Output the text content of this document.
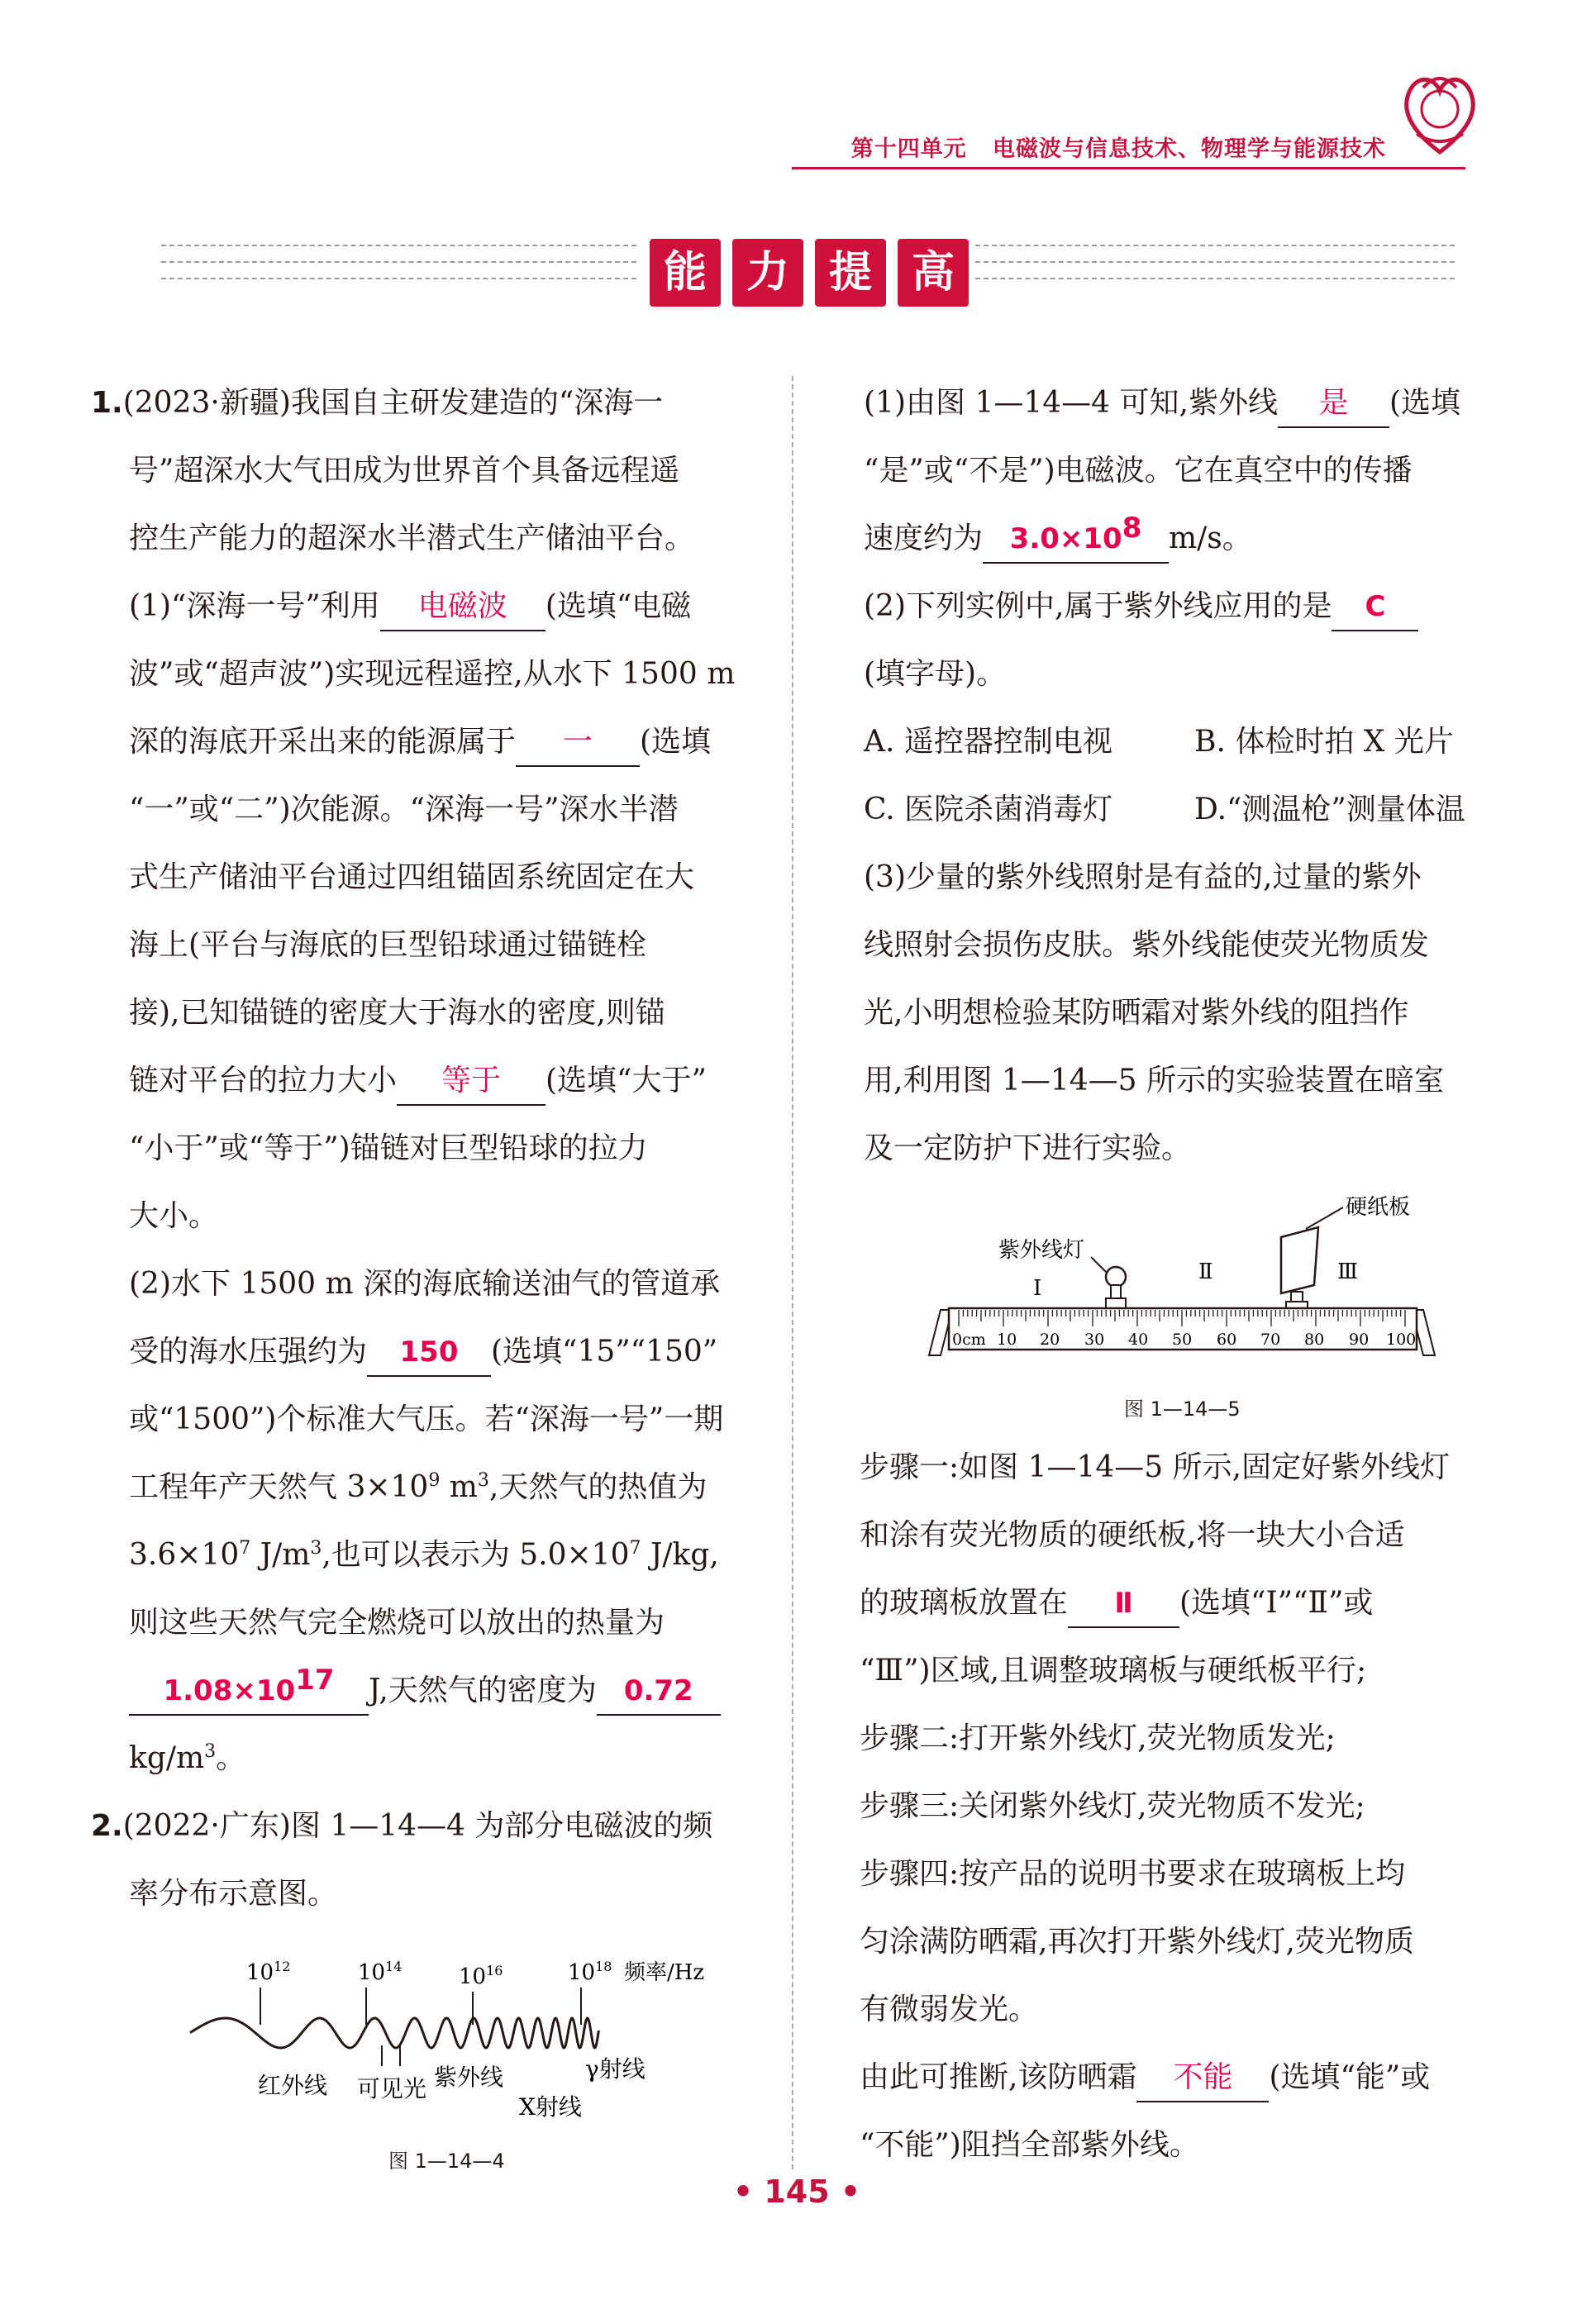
第十四单元 电磁波与信息技术、物理学与能源技术
能 力 提 高

1.(2023·新疆)我国自主研发建造的“深海一

号”超深水大气田成为世界首个具备远程遥

控生产能力的超深水半潜式生产储油平台。

(1)“深海一号”利用 电磁波 (选填“电磁

波”或“超声波”)实现远程遥控,从水下 1500 m

深的海底开采出来的能源属于 一 (选填

“一”或“二”)次能源。“深海一号”深水半潜

式生产储油平台通过四组锚固系统固定在大

海上(平台与海底的巨型铅球通过锚链栓

接),已知锚链的密度大于海水的密度,则锚

链对平台的拉力大小 等于 (选填“大于”

“小于”或“等于”)锚链对巨型铅球的拉力

大小。

(2)水下 1500 m 深的海底输送油气的管道承

受的海水压强约为 150 (选填“15”“150”

或“1500”)个标准大气压。若“深海一号”一期

工程年产天然气 $3\times 10^9$ $m^3$,天然气的热值为

$3.6\times 10^7$ $J/m^3$,也可以表示为 $5.0\times 10^7$ J/kg,

则这些天然气完全燃烧可以放出的热量为

$1.08\times 10^{17}$ J,天然气的密度为 0.72

$kg/m^3$。

2.(2022·广东)图 1—14—4 为部分电磁波的频

率分布示意图。

$10^{12}$	$10^{14}$	$10^{16}$	$10^{18}$ 频率/Hz
红外线 可见光 紫外线
X射线
γ射线
图 1—14—4

(1)由图 1—14—4 可知,紫外线 是 (选填

“是”或“不是”)电磁波。它在真空中的传播

速度约为 $3.0\times 10^8$ m/s。

(2)下列实例中,属于紫外线应用的是 C

(填字母)。

A. 遥控器控制电视	B. 体检时拍 X 光片

C. 医院杀菌消毒灯	D.“测温枪”测量体温

(3)少量的紫外线照射是有益的,过量的紫外

线照射会损伤皮肤。紫外线能使荧光物质发

光,小明想检验某防晒霜对紫外线的阻挡作

用,利用图 1—14—5 所示的实验装置在暗室

及一定防护下进行实验。

紫外线灯
硬纸板
Ⅰ
Ⅱ	Ⅲ
0cm 10 20 30 40 50 60 70 80 90 100
图 1—14—5

步骤一:如图 1—14—5 所示,固定好紫外线灯

和涂有荧光物质的硬纸板,将一块大小合适

的玻璃板放置在 Ⅱ (选填“Ⅰ”“Ⅱ”或

“Ⅲ”)区域,且调整玻璃板与硬纸板平行;

步骤二:打开紫外线灯,荧光物质发光;

步骤三:关闭紫外线灯,荧光物质不发光;

步骤四:按产品的说明书要求在玻璃板上均

匀涂满防晒霜,再次打开紫外线灯,荧光物质

有微弱发光。

由此可推断,该防晒霜 不能 (选填“能”或

“不能”)阻挡全部紫外线。

• 145 •
